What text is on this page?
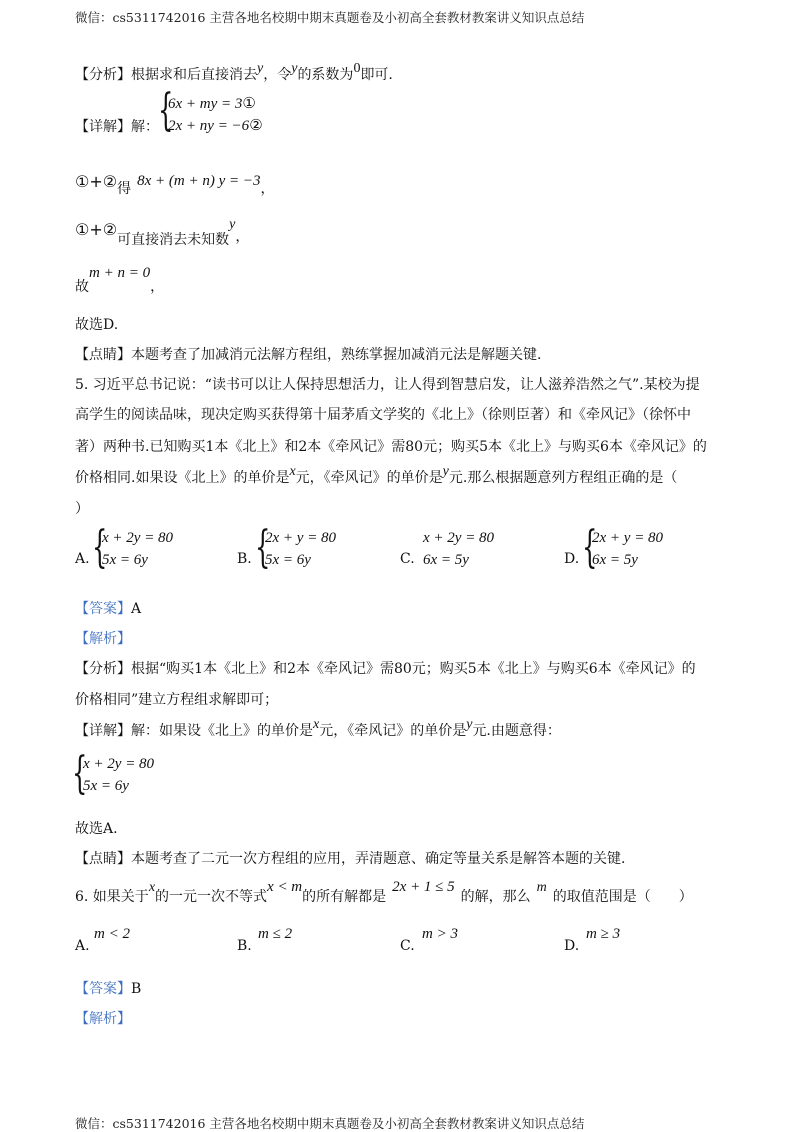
微信：cs5311742016 主营各地名校期中期末真题卷及小初高全套教材教案讲义知识点总结
【分析】根据求和后直接消去y，令y的系数为0即可.
【详解】解： {
6x + my = 3①
2x + ny = −6②
①+②得 8x + (m + n) y = −3，
①+②可直接消去未知数y，
故m + n = 0，
故选D.
【点睛】本题考查了加减消元法解方程组，熟练掌握加减消元法是解题关键.
5. 习近平总书记说：“读书可以让人保持思想活力，让人得到智慧启发，让人滋养浩然之气”.某校为提
高学生的阅读品味，现决定购买获得第十届茅盾文学奖的《北上》（徐则臣著）和《牵风记》（徐怀中
著）两种书.已知购买1本《北上》和2本《牵风记》需80元；购买5本《北上》与购买6本《牵风记》的
价格相同.如果设《北上》的单价是x元，《牵风记》的单价是y元.那么根据题意列方程组正确的是（
）
A. {
x + 2y = 80
5x = 6y	B. {
2x + y = 80
5x = 6y	C.
x + 2y = 80
6x = 5y	D. {
2x + y = 80
6x = 5y
【答案】A
【解析】
【分析】根据“购买1本《北上》和2本《牵风记》需80元；购买5本《北上》与购买6本《牵风记》的
价格相同”建立方程组求解即可；
【详解】解：如果设《北上》的单价是x元，《牵风记》的单价是y元.由题意得：
{
x + 2y = 80
5x = 6y
故选A.
【点睛】本题考查了二元一次方程组的应用，弄清题意、确定等量关系是解答本题的关键.
6. 如果关于x的一元一次不等式x < m的所有解都是2x + 1 ≤ 5的解，那么m的取值范围是（　　）
A.
m < 2
B.
m ≤ 2
C.
m > 3
D.
m ≥ 3
【答案】B
【解析】
微信：cs5311742016 主营各地名校期中期末真题卷及小初高全套教材教案讲义知识点总结
